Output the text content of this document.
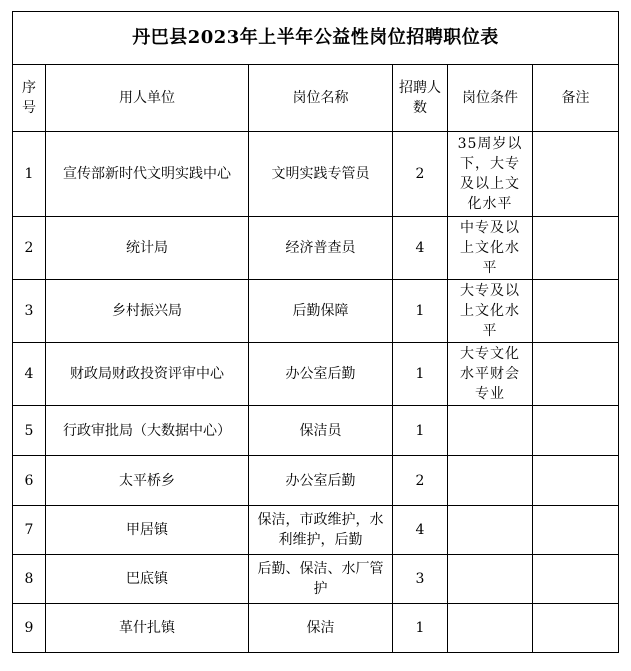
丹巴县2023年上半年公益性岗位招聘职位表					
序号	用人单位	岗位名称	招聘人数	岗位条件	备注
1	宣传部新时代文明实践中心	文明实践专管员	2	35周岁以下，大专及以上文化水平	
2	统计局	经济普查员	4	中专及以上文化水平	
3	乡村振兴局	后勤保障	1	大专及以上文化水平	
4	财政局财政投资评审中心	办公室后勤	1	大专文化水平财会专业	
5	行政审批局（大数据中心）	保洁员	1		
6	太平桥乡	办公室后勤	2		
7	甲居镇	保洁，市政维护，水利维护，后勤	4		
8	巴底镇	后勤、保洁、水厂管护	3		
9	革什扎镇	保洁	1		
